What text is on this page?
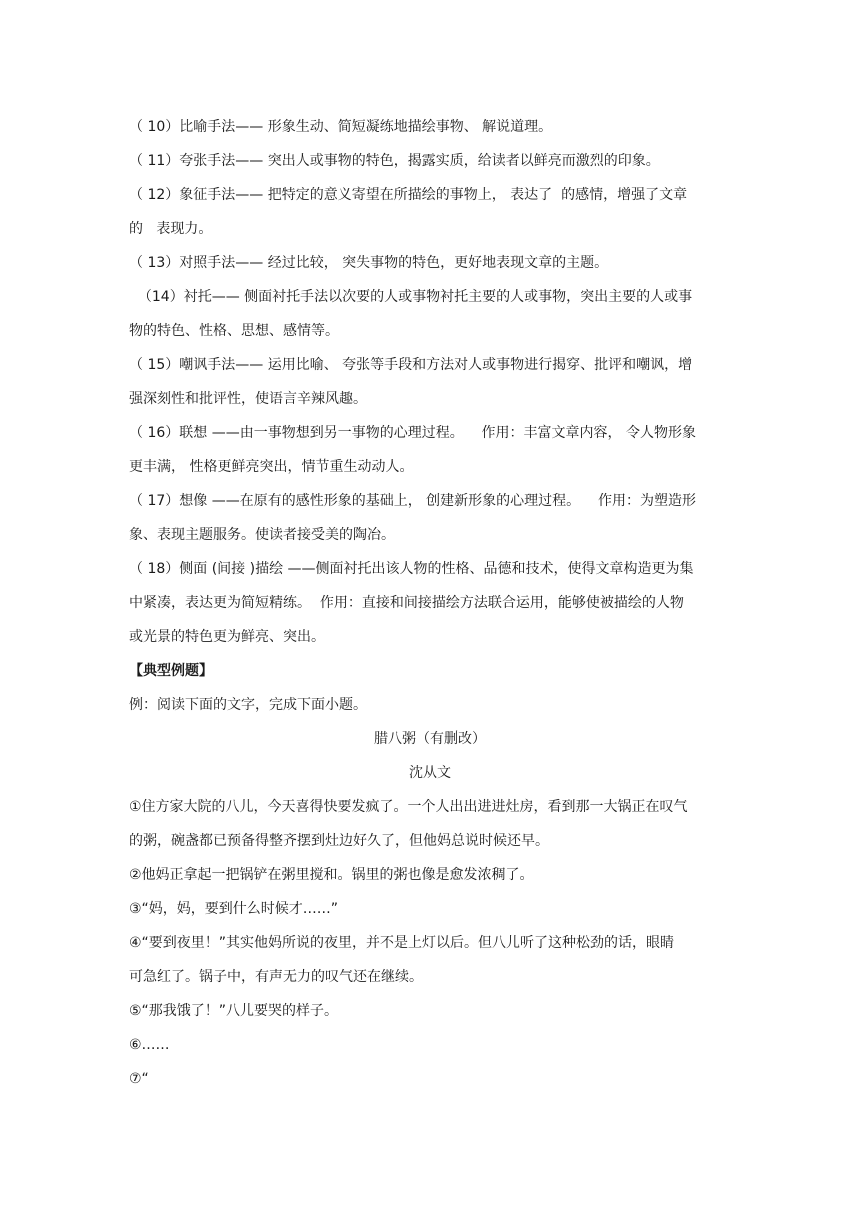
（ 10）比喻手法—— 形象生动、简短凝练地描绘事物、 解说道理。
（ 11）夸张手法—— 突出人或事物的特色，揭露实质，给读者以鲜亮而激烈的印象。
（ 12）象征手法—— 把特定的意义寄望在所描绘的事物上， 表达了  的感情，增强了文章
的   表现力。
（ 13）对照手法—— 经过比较， 突失事物的特色，更好地表现文章的主题。
（14）衬托—— 侧面衬托手法以次要的人或事物衬托主要的人或事物，突出主要的人或事
物的特色、性格、思想、感情等。
（ 15）嘲讽手法—— 运用比喻、 夸张等手段和方法对人或事物进行揭穿、批评和嘲讽，增
强深刻性和批评性，使语言辛辣风趣。
（ 16）联想 ——由一事物想到另一事物的心理过程。    作用：丰富文章内容， 令人物形象
更丰满， 性格更鲜亮突出，情节重生动动人。
（ 17）想像 ——在原有的感性形象的基础上， 创建新形象的心理过程。    作用：为塑造形
象、表现主题服务。使读者接受美的陶冶。
（ 18）侧面 (间接 )描绘 ——侧面衬托出该人物的性格、品德和技术，使得文章构造更为集
中紧凑，表达更为简短精练。  作用：直接和间接描绘方法联合运用，能够使被描绘的人物
或光景的特色更为鲜亮、突出。
【典型例题】
例：阅读下面的文字，完成下面小题。
腊八粥（有删改）
沈从文
①住方家大院的八儿，今天喜得快要发疯了。一个人出出进进灶房，看到那一大锅正在叹气
的粥，碗盏都已预备得整齐摆到灶边好久了，但他妈总说时候还早。
②他妈正拿起一把锅铲在粥里搅和。锅里的粥也像是愈发浓稠了。
③“妈，妈，要到什么时候才……”
④“要到夜里！”其实他妈所说的夜里，并不是上灯以后。但八儿听了这种松劲的话，眼睛
可急红了。锅子中，有声无力的叹气还在继续。
⑤“那我饿了！”八儿要哭的样子。
⑥……
⑦“
